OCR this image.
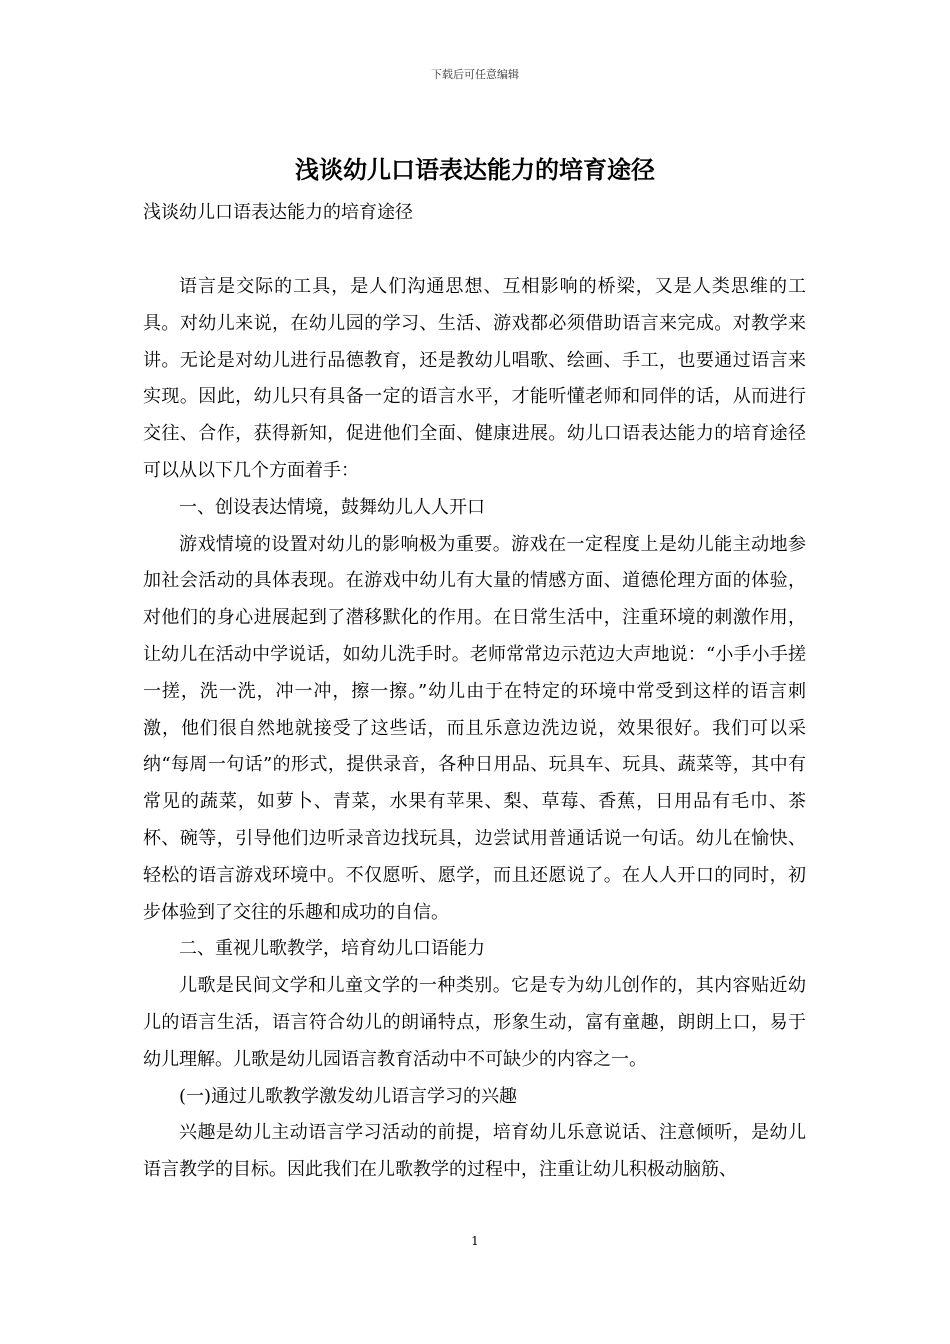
下载后可任意编辑
浅谈幼儿口语表达能力的培育途径
浅谈幼儿口语表达能力的培育途径

语言是交际的工具，是人们沟通思想、互相影响的桥梁，又是人类思维的工具。对幼儿来说，在幼儿园的学习、生活、游戏都必须借助语言来完成。对教学来讲。无论是对幼儿进行品德教育，还是教幼儿唱歌、绘画、手工，也要通过语言来实现。因此，幼儿只有具备一定的语言水平，才能听懂老师和同伴的话，从而进行交往、合作，获得新知，促进他们全面、健康进展。幼儿口语表达能力的培育途径可以从以下几个方面着手：

一、创设表达情境，鼓舞幼儿人人开口

游戏情境的设置对幼儿的影响极为重要。游戏在一定程度上是幼儿能主动地参加社会活动的具体表现。在游戏中幼儿有大量的情感方面、道德伦理方面的体验，对他们的身心进展起到了潜移默化的作用。在日常生活中，注重环境的刺激作用，让幼儿在活动中学说话，如幼儿洗手时。老师常常边示范边大声地说：“小手小手搓一搓，洗一洗，冲一冲，擦一擦。”幼儿由于在特定的环境中常受到这样的语言刺激，他们很自然地就接受了这些话，而且乐意边洗边说，效果很好。我们可以采纳“每周一句话”的形式，提供录音，各种日用品、玩具车、玩具、蔬菜等，其中有常见的蔬菜，如萝卜、青菜，水果有苹果、梨、草莓、香蕉，日用品有毛巾、茶杯、碗等，引导他们边听录音边找玩具，边尝试用普通话说一句话。幼儿在愉快、轻松的语言游戏环境中。不仅愿听、愿学，而且还愿说了。在人人开口的同时，初步体验到了交往的乐趣和成功的自信。

二、重视儿歌教学，培育幼儿口语能力

儿歌是民间文学和儿童文学的一种类别。它是专为幼儿创作的，其内容贴近幼儿的语言生活，语言符合幼儿的朗诵特点，形象生动，富有童趣，朗朗上口，易于幼儿理解。儿歌是幼儿园语言教育活动中不可缺少的内容之一。

(一)通过儿歌教学激发幼儿语言学习的兴趣

兴趣是幼儿主动语言学习活动的前提，培育幼儿乐意说话、注意倾听，是幼儿语言教学的目标。因此我们在儿歌教学的过程中，注重让幼儿积极动脑筋、

1
